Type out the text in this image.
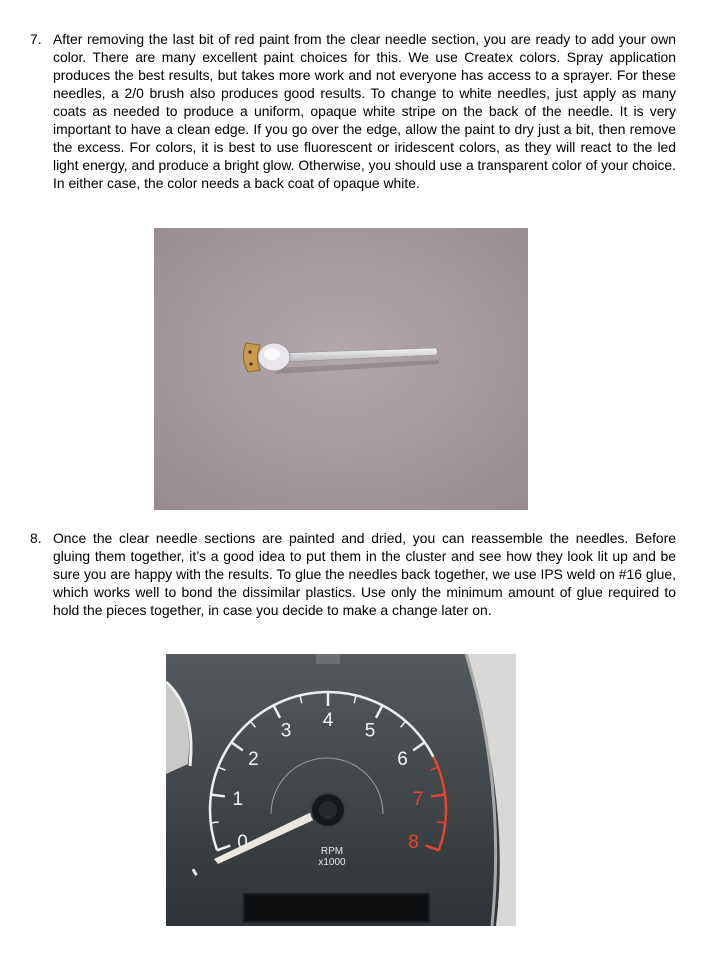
7. After removing the last bit of red paint from the clear needle section, you are ready to add your own color. There are many excellent paint choices for this. We use Createx colors. Spray application produces the best results, but takes more work and not everyone has access to a sprayer. For these needles, a 2/0 brush also produces good results. To change to white needles, just apply as many coats as needed to produce a uniform, opaque white stripe on the back of the needle. It is very important to have a clean edge. If you go over the edge, allow the paint to dry just a bit, then remove the excess. For colors, it is best to use fluorescent or iridescent colors, as they will react to the led light energy, and produce a bright glow. Otherwise, you should use a transparent color of your choice. In either case, the color needs a back coat of opaque white.
8. Once the clear needle sections are painted and dried, you can reassemble the needles. Before gluing them together, it’s a good idea to put them in the cluster and see how they look lit up and be sure you are happy with the results. To glue the needles back together, we use IPS weld on #16 glue, which works well to bond the dissimilar plastics. Use only the minimum amount of glue required to hold the pieces together, in case you decide to make a change later on.
0
1
2
3 4 5
6
7
8
RPM
x1000
